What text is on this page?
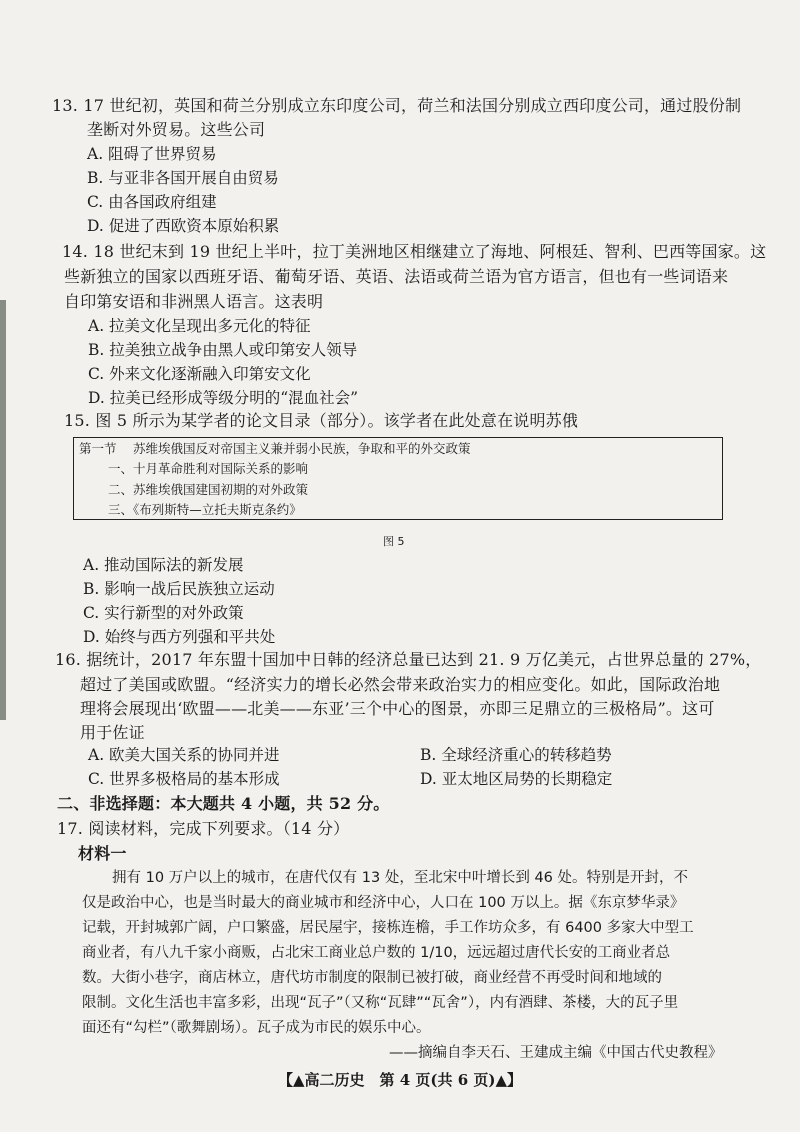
13. 17 世纪初，英国和荷兰分别成立东印度公司，荷兰和法国分别成立西印度公司，通过股份制
垄断对外贸易。这些公司
A. 阻碍了世界贸易
B. 与亚非各国开展自由贸易
C. 由各国政府组建
D. 促进了西欧资本原始积累
14. 18 世纪末到 19 世纪上半叶，拉丁美洲地区相继建立了海地、阿根廷、智利、巴西等国家。这
些新独立的国家以西班牙语、葡萄牙语、英语、法语或荷兰语为官方语言，但也有一些词语来
自印第安语和非洲黑人语言。这表明
A. 拉美文化呈现出多元化的特征
B. 拉美独立战争由黑人或印第安人领导
C. 外来文化逐渐融入印第安文化
D. 拉美已经形成等级分明的“混血社会”
15. 图 5 所示为某学者的论文目录（部分）。该学者在此处意在说明苏俄
第一节　 苏维埃俄国反对帝国主义兼并弱小民族，争取和平的外交政策
一、十月革命胜利对国际关系的影响
二、苏维埃俄国建国初期的对外政策
三、《布列斯特—立托夫斯克条约》
图 5
A. 推动国际法的新发展
B. 影响一战后民族独立运动
C. 实行新型的对外政策
D. 始终与西方列强和平共处
16. 据统计，2017 年东盟十国加中日韩的经济总量已达到 21. 9 万亿美元，占世界总量的 27%，
超过了美国或欧盟。“经济实力的增长必然会带来政治实力的相应变化。如此，国际政治地
理将会展现出‘欧盟——北美——东亚’三个中心的图景，亦即三足鼎立的三极格局”。这可
用于佐证
A. 欧美大国关系的协同并进	B. 全球经济重心的转移趋势
C. 世界多极格局的基本形成	D. 亚太地区局势的长期稳定
二、非选择题：本大题共 4 小题，共 52 分。
17. 阅读材料，完成下列要求。（14 分）
材料一
拥有 10 万户以上的城市，在唐代仅有 13 处，至北宋中叶增长到 46 处。特别是开封，不
仅是政治中心，也是当时最大的商业城市和经济中心，人口在 100 万以上。据《东京梦华录》
记载，开封城郭广阔，户口繁盛，居民屋宇，接栋连檐，手工作坊众多，有 6400 多家大中型工
商业者，有八九千家小商贩，占北宋工商业总户数的 1/10，远远超过唐代长安的工商业者总
数。大街小巷字，商店林立，唐代坊市制度的限制已被打破，商业经营不再受时间和地域的
限制。文化生活也丰富多彩，出现“瓦子”（又称“瓦肆”“瓦舍”），内有酒肆、茶楼，大的瓦子里
面还有“勾栏”（歌舞剧场）。瓦子成为市民的娱乐中心。
——摘编自李天石、王建成主编《中国古代史教程》
【▲高二历史　第 4 页(共 6 页)▲】
